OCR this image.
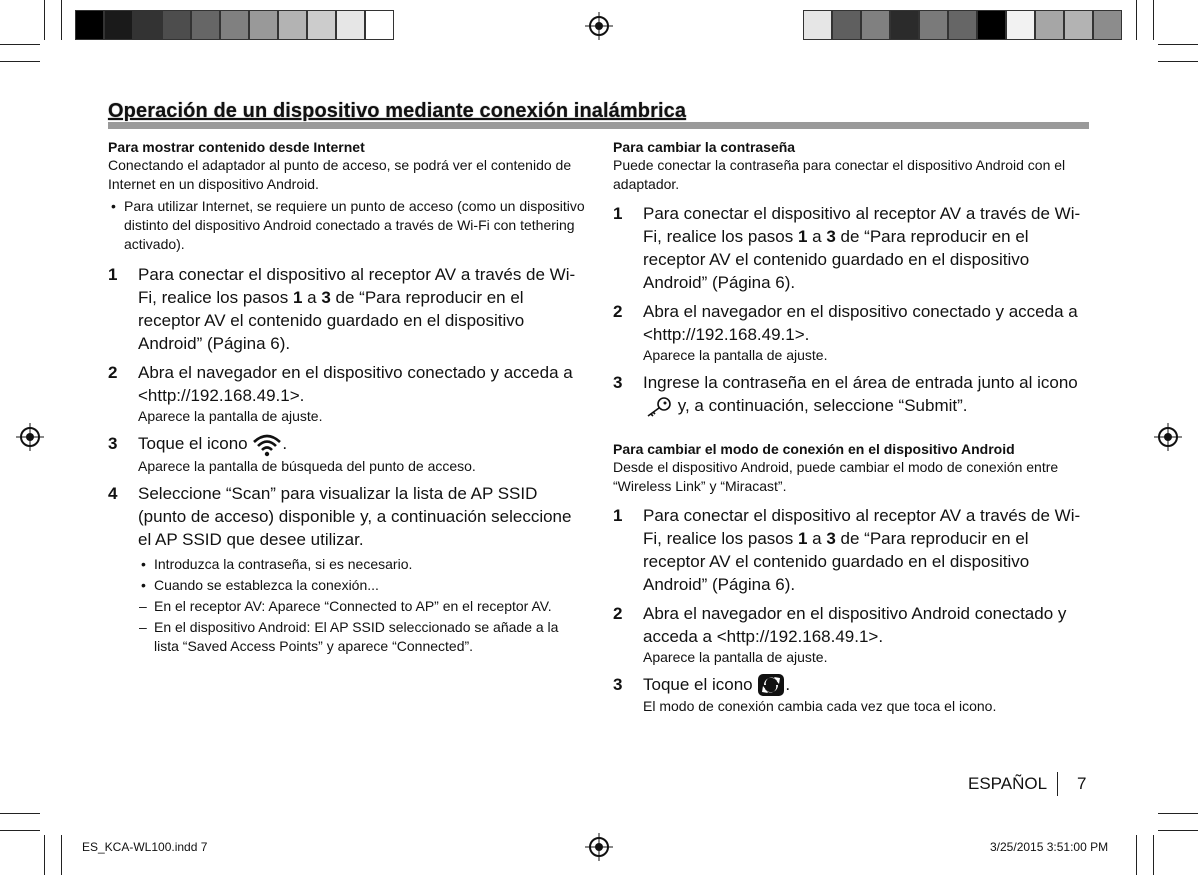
Operación de un dispositivo mediante conexión inalámbrica
Para mostrar contenido desde Internet
Conectando el adaptador al punto de acceso, se podrá ver el contenido de Internet en un dispositivo Android.
• Para utilizar Internet, se requiere un punto de acceso (como un dispositivo distinto del dispositivo Android conectado a través de Wi-Fi con tethering activado).
1 Para conectar el dispositivo al receptor AV a través de Wi-Fi, realice los pasos 1 a 3 de “Para reproducir en el receptor AV el contenido guardado en el dispositivo Android” (Página 6).
2 Abra el navegador en el dispositivo conectado y acceda a <http://192.168.49.1>.
Aparece la pantalla de ajuste.
3 Toque el icono .
Aparece la pantalla de búsqueda del punto de acceso.
4 Seleccione “Scan” para visualizar la lista de AP SSID (punto de acceso) disponible y, a continuación seleccione el AP SSID que desee utilizar.
• Introduzca la contraseña, si es necesario.
• Cuando se establezca la conexión...
– En el receptor AV: Aparece “Connected to AP” en el receptor AV.
– En el dispositivo Android: El AP SSID seleccionado se añade a la lista “Saved Access Points” y aparece “Connected”.
Para cambiar la contraseña
Puede conectar la contraseña para conectar el dispositivo Android con el adaptador.
1 Para conectar el dispositivo al receptor AV a través de Wi-Fi, realice los pasos 1 a 3 de “Para reproducir en el receptor AV el contenido guardado en el dispositivo Android” (Página 6).
2 Abra el navegador en el dispositivo conectado y acceda a <http://192.168.49.1>.
Aparece la pantalla de ajuste.
3 Ingrese la contraseña en el área de entrada junto al icono
y, a continuación, seleccione “Submit”.
Para cambiar el modo de conexión en el dispositivo Android
Desde el dispositivo Android, puede cambiar el modo de conexión entre “Wireless Link” y “Miracast”.
1 Para conectar el dispositivo al receptor AV a través de Wi-Fi, realice los pasos 1 a 3 de “Para reproducir en el receptor AV el contenido guardado en el dispositivo Android” (Página 6).
2 Abra el navegador en el dispositivo Android conectado y acceda a <http://192.168.49.1>.
Aparece la pantalla de ajuste.
3 Toque el icono .
El modo de conexión cambia cada vez que toca el icono.
ESPAÑOL 7
ES_KCA-WL100.indd 7	3/25/2015 3:51:00 PM
